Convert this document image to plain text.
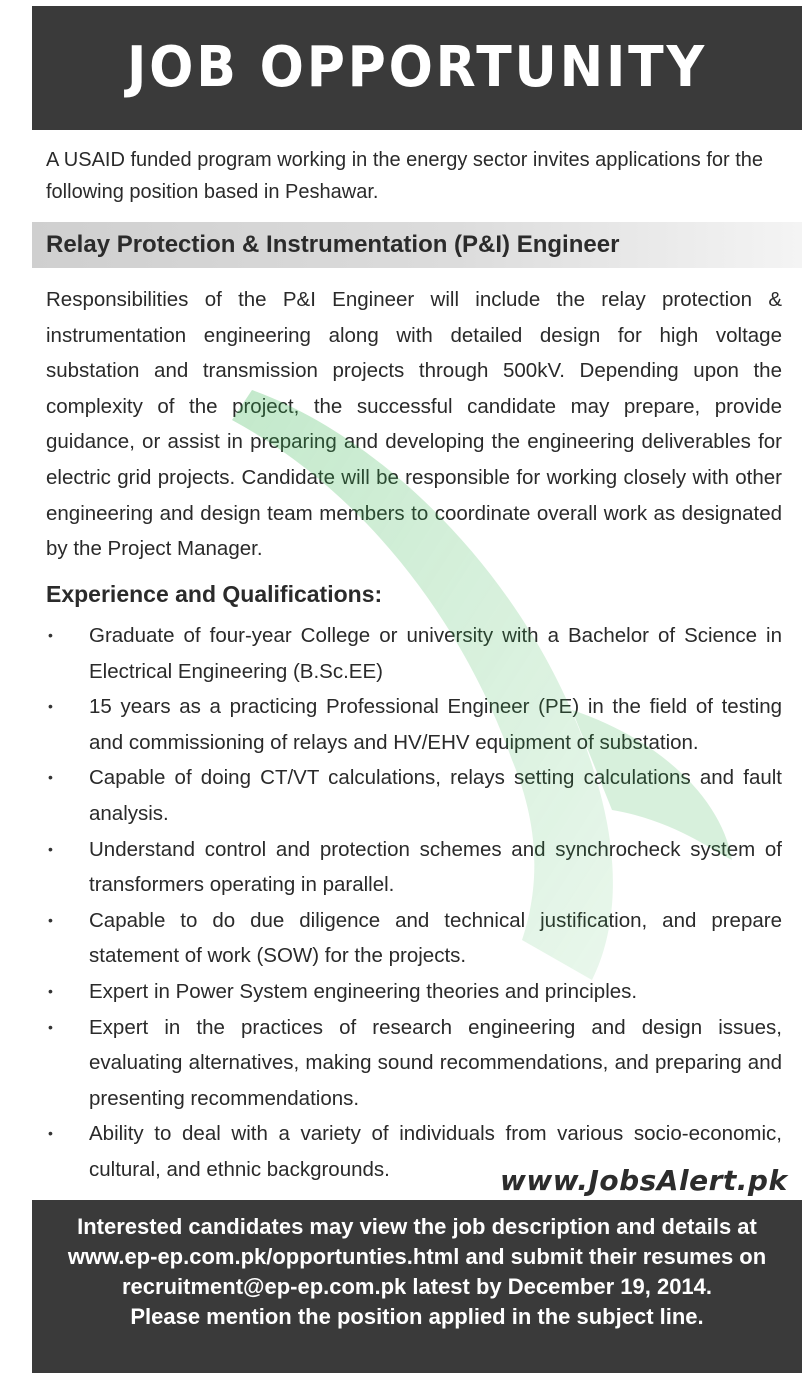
JOB OPPORTUNITY
A USAID funded program working in the energy sector invites applications for the following position based in Peshawar.
Relay Protection & Instrumentation (P&I) Engineer
Responsibilities of the P&I Engineer will include the relay protection & instrumentation engineering along with detailed design for high voltage substation and transmission projects through 500kV. Depending upon the complexity of the project, the successful candidate may prepare, provide guidance, or assist in preparing and developing the engineering deliverables for electric grid projects. Candidate will be responsible for working closely with other engineering and design team members to coordinate overall work as designated by the Project Manager.
Experience and Qualifications:
• Graduate of four-year College or university with a Bachelor of Science in Electrical Engineering (B.Sc.EE)
• 15 years as a practicing Professional Engineer (PE) in the field of testing and commissioning of relays and HV/EHV equipment of substation.
• Capable of doing CT/VT calculations, relays setting calculations and fault analysis.
• Understand control and protection schemes and synchrocheck system of transformers operating in parallel.
• Capable to do due diligence and technical justification, and prepare statement of work (SOW) for the projects.
• Expert in Power System engineering theories and principles.
• Expert in the practices of research engineering and design issues, evaluating alternatives, making sound recommendations, and preparing and presenting recommendations.
• Ability to deal with a variety of individuals from various socio-economic, cultural, and ethnic backgrounds.	www.JobsAlert.pk
Interested candidates may view the job description and details at
www.ep-ep.com.pk/opportunties.html and submit their resumes on
recruitment@ep-ep.com.pk latest by December 19, 2014.
Please mention the position applied in the subject line.
